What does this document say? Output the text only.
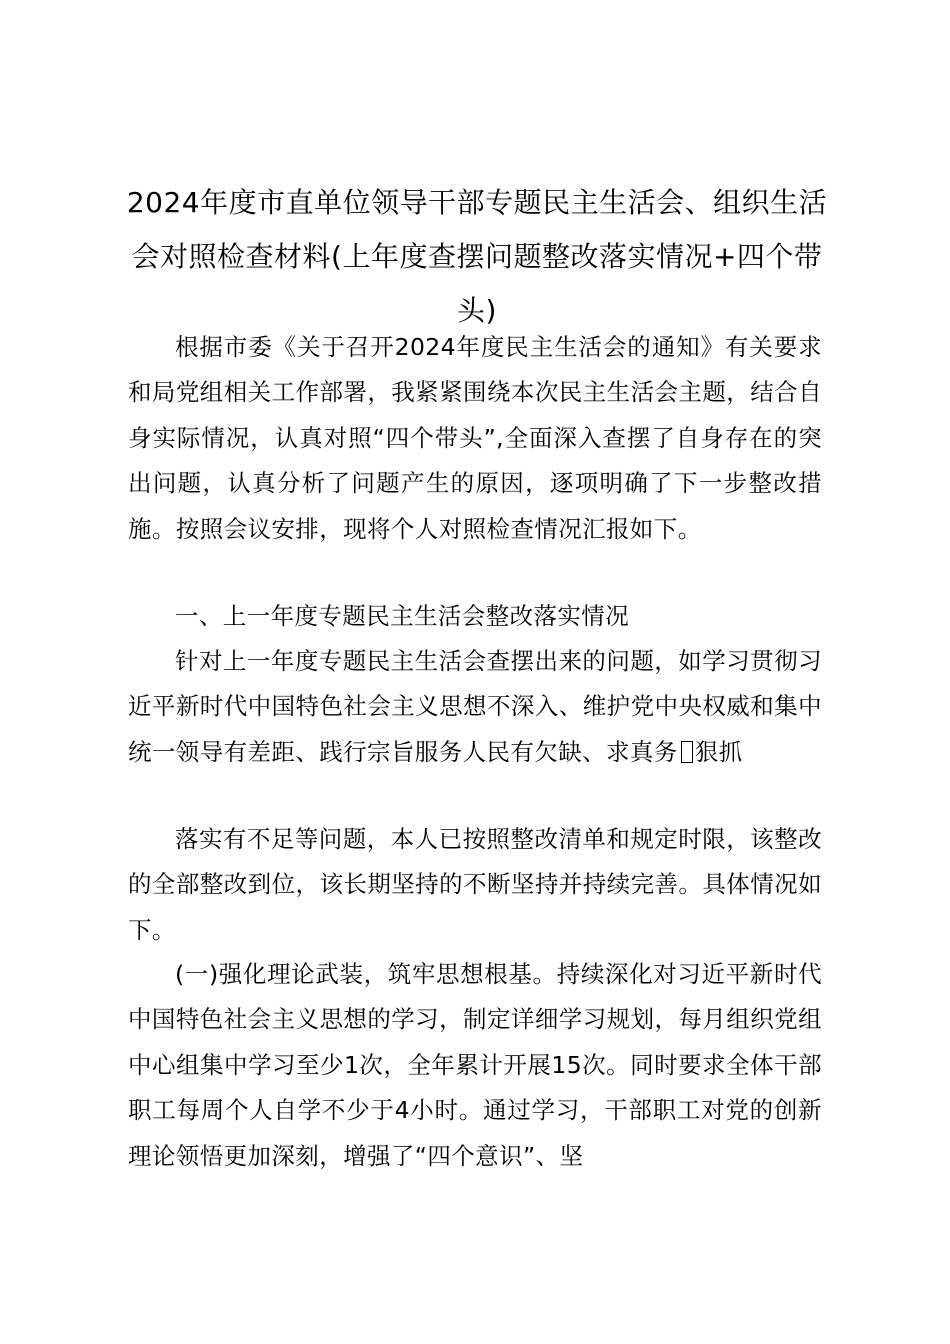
2024年度市直单位领导干部专题民主生活会、组织生活会对照检查材料(上年度查摆问题整改落实情况+四个带头)

根据市委《关于召开2024年度民主生活会的通知》有关要求和局党组相关工作部署，我紧紧围绕本次民主生活会主题，结合自身实际情况，认真对照“四个带头”,全面深入查摆了自身存在的突出问题，认真分析了问题产生的原因，逐项明确了下一步整改措施。按照会议安排，现将个人对照检查情况汇报如下。

一、上一年度专题民主生活会整改落实情况

针对上一年度专题民主生活会查摆出来的问题，如学习贯彻习近平新时代中国特色社会主义思想不深入、维护党中央权威和集中统一领导有差距、践行宗旨服务人民有欠缺、求真务 狠抓

落实有不足等问题，本人已按照整改清单和规定时限，该整改的全部整改到位，该长期坚持的不断坚持并持续完善。具体情况如下。

(一)强化理论武装，筑牢思想根基。持续深化对习近平新时代中国特色社会主义思想的学习，制定详细学习规划，每月组织党组中心组集中学习至少1次，全年累计开展15次。同时要求全体干部职工每周个人自学不少于4小时。通过学习，干部职工对党的创新理论领悟更加深刻，增强了“四个意识”、坚
